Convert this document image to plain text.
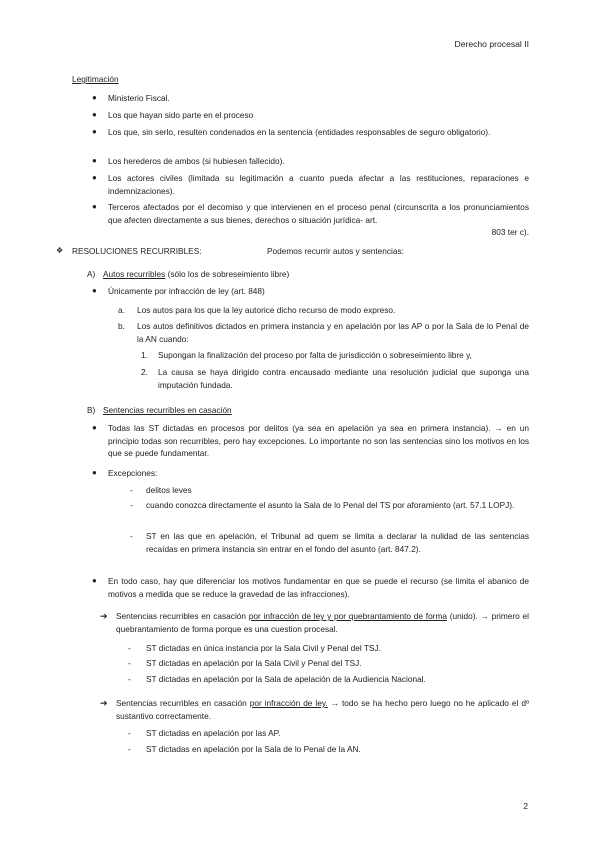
Derecho procesal II
Legitimación
● Ministerio Fiscal.
● Los que hayan sido parte en el proceso
● Los que, sin serlo, resulten condenados en la sentencia (entidades responsables de seguro obligatorio).
● Los herederos de ambos (si hubiesen fallecido).
● Los actores civiles (limitada su legitimación a cuanto pueda afectar a las restituciones, reparaciones e indemnizaciones).
● Terceros afectados por el decomiso y que intervienen en el proceso penal (circunscrita a los pronunciamientos que afecten directamente a sus bienes, derechos o situación jurídica- art.
803 ter c).
❖ RESOLUCIONES RECURRIBLES:	Podemos recurrir autos y sentencias:
A) Autos recurribles (sólo los de sobreseimiento libre)
● Únicamente por infracción de ley (art. 848)
a. Los autos para los que la ley autorice dicho recurso de modo expreso.
b. Los autos definitivos dictados en primera instancia y en apelación por las AP o por la Sala de lo Penal de la AN cuando:
1. Supongan la finalización del proceso por falta de jurisdicción o sobreseimiento libre y,
2. La causa se haya dirigido contra encausado mediante una resolución judicial que suponga una imputación fundada.
B) Sentencias recurribles en casación
● Todas las ST dictadas en procesos por delitos (ya sea en apelación ya sea en primera instancia). → en un principio todas son recurribles, pero hay excepciones. Lo importante no son las sentencias sino los motivos en los que se puede fundamentar.
● Excepciones:
- delitos leves
- cuando conozca directamente el asunto la Sala de lo Penal del TS por aforamiento (art. 57.1 LOPJ).
- ST en las que en apelación, el Tribunal ad quem se limita a declarar la nulidad de las sentencias recaídas en primera instancia sin entrar en el fondo del asunto (art. 847.2).
● En todo caso, hay que diferenciar los motivos fundamentar en que se puede el recurso (se limita el abanico de motivos a medida que se reduce la gravedad de las infracciones).
➔ Sentencias recurribles en casación por infracción de ley y por quebrantamiento de forma (unido). → primero el quebrantamiento de forma porque es una cuestion procesal.
- ST dictadas en única instancia por la Sala Civil y Penal del TSJ.
- ST dictadas en apelación por la Sala Civil y Penal del TSJ.
- ST dictadas en apelación por la Sala de apelación de la Audiencia Nacional.
➔ Sentencias recurribles en casación por infracción de ley. → todo se ha hecho pero luego no he aplicado el dº sustantivo correctamente.
- ST dictadas en apelación por las AP.
- ST dictadas en apelación por la Sala de lo Penal de la AN.
2
